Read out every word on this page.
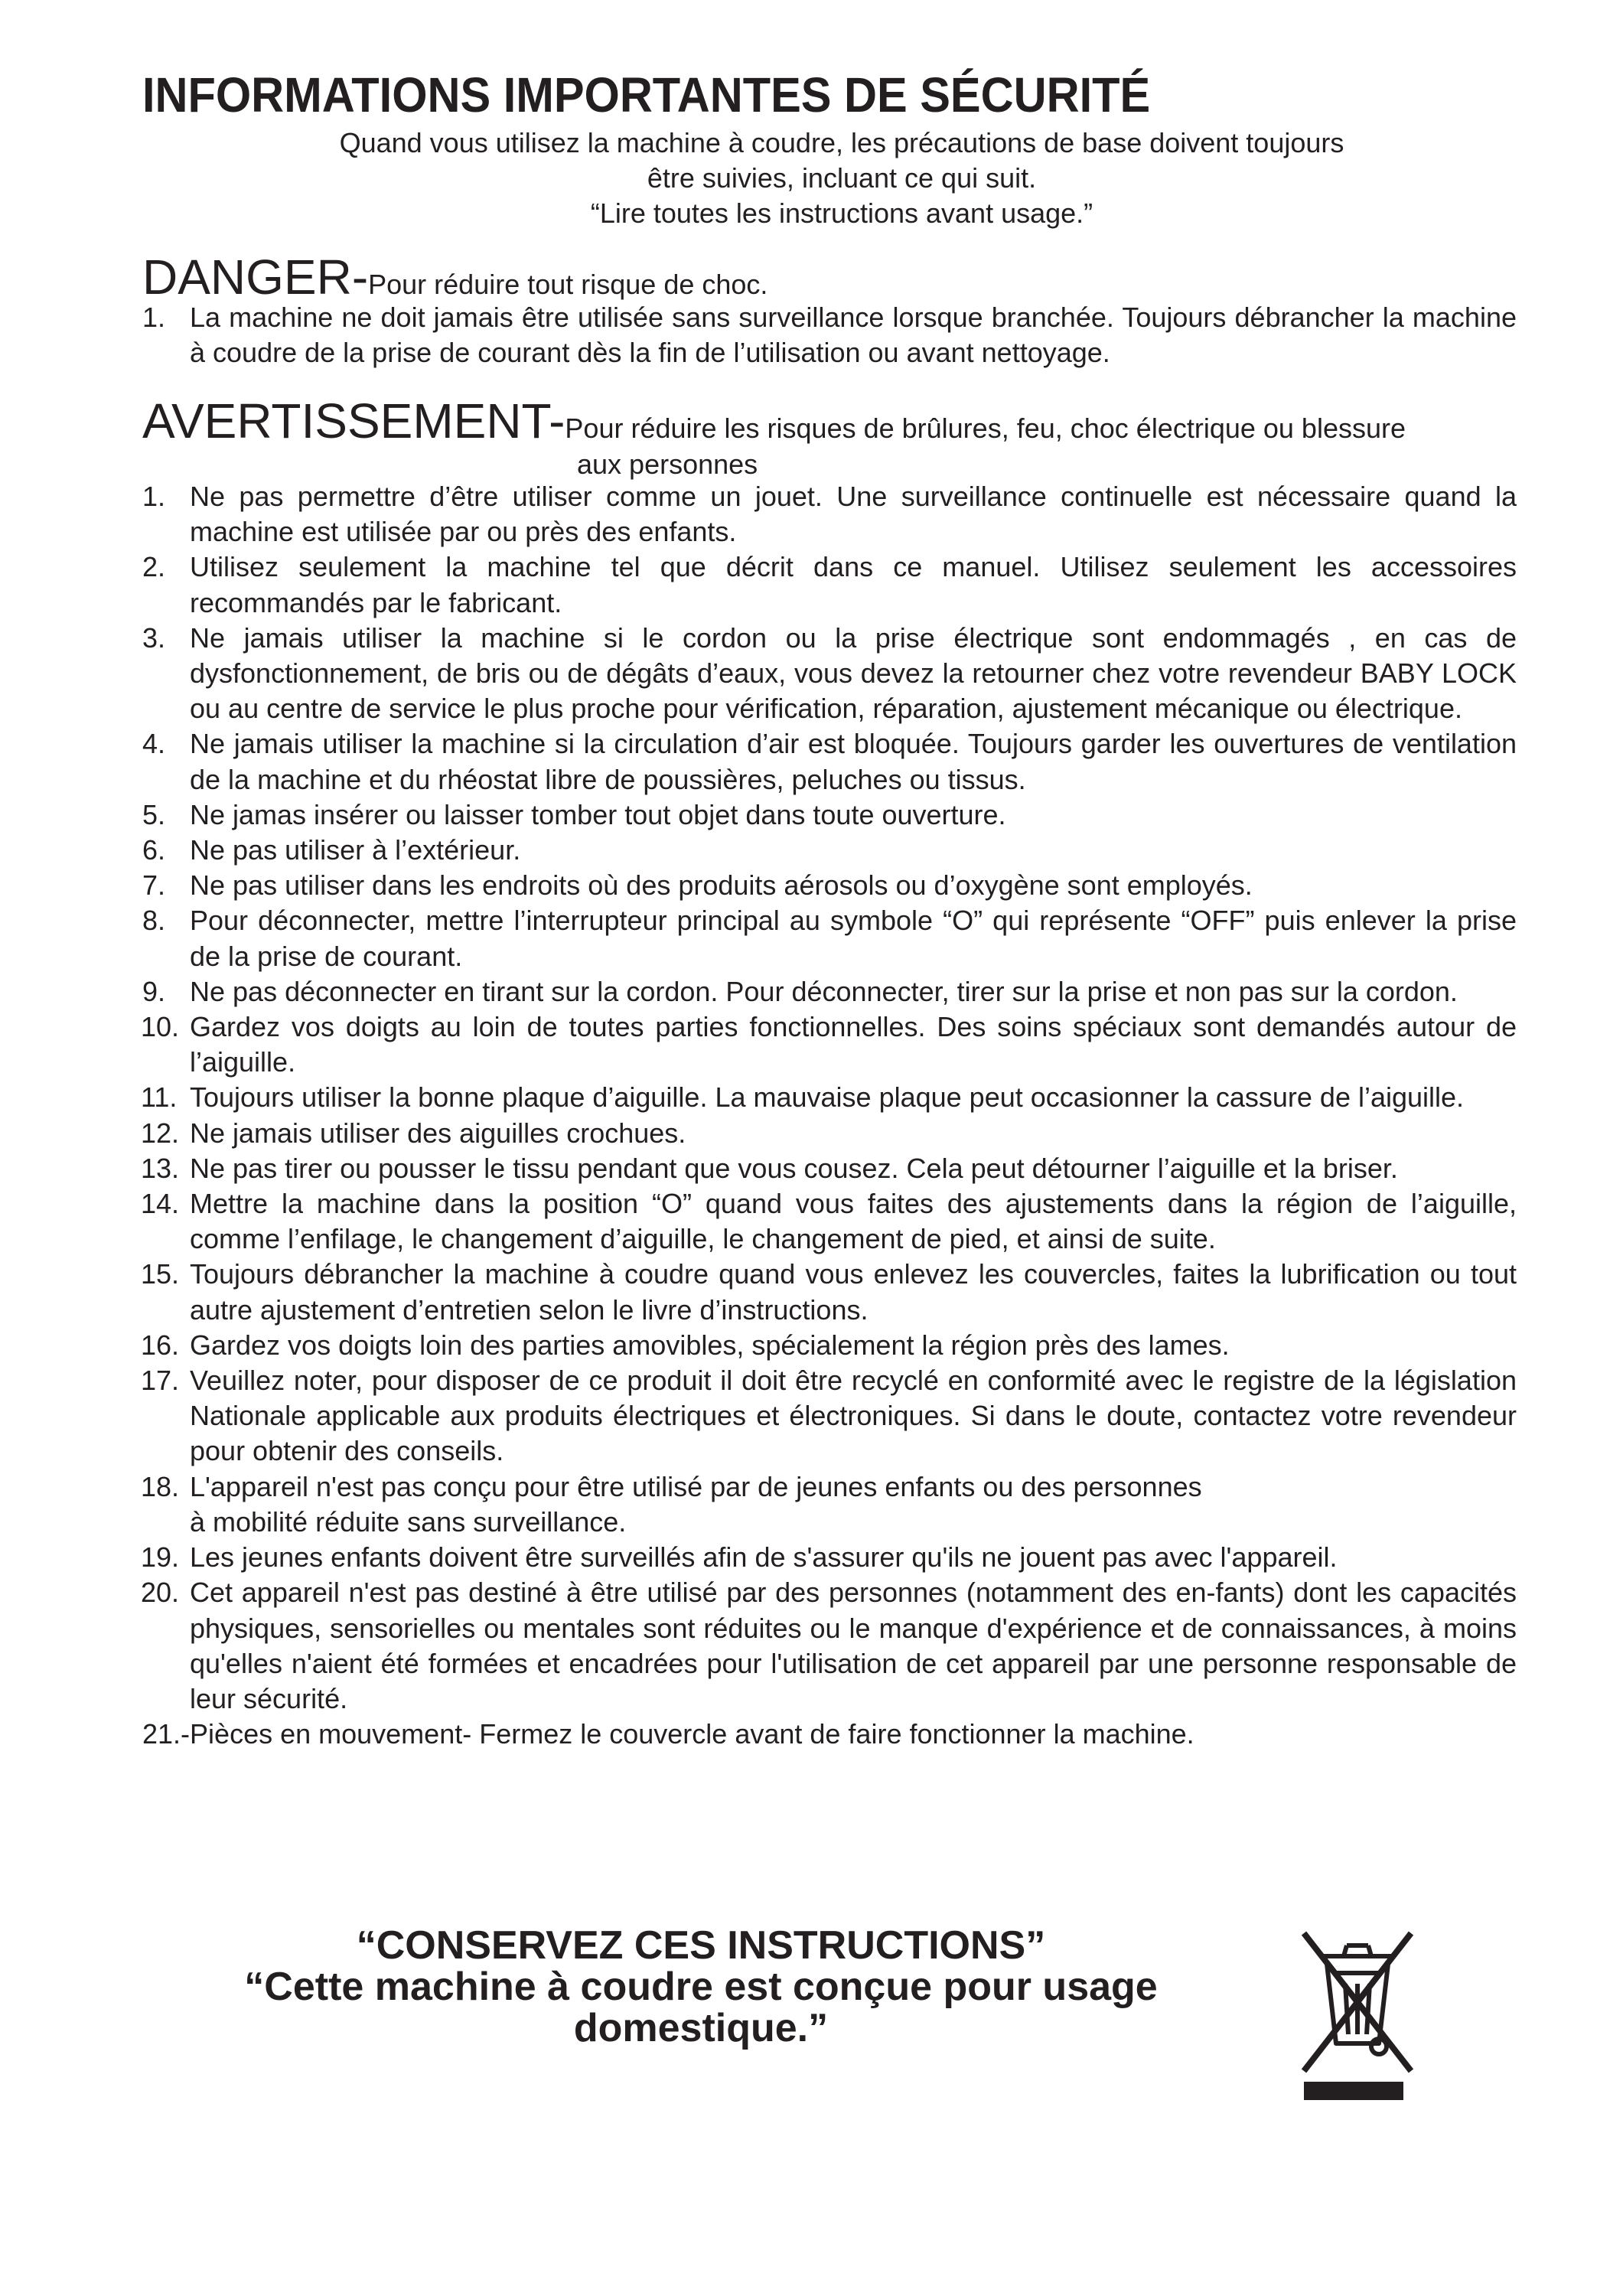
INFORMATIONS IMPORTANTES DE SÉCURITÉ
Quand vous utilisez la machine à coudre, les précautions de base doivent toujours
être suivies, incluant ce qui suit.
“Lire toutes les instructions avant usage.”
DANGER-Pour réduire tout risque de choc.
1. La machine ne doit jamais être utilisée sans surveillance lorsque branchée. Toujours débrancher la machine à coudre de la prise de courant dès la fin de l’utilisation ou avant nettoyage.
AVERTISSEMENT-Pour réduire les risques de brûlures, feu, choc électrique ou blessure
aux personnes
1. Ne pas permettre d’être utiliser comme un jouet. Une surveillance continuelle est nécessaire quand la machine est utilisée par ou près des enfants.
2. Utilisez seulement la machine tel que décrit dans ce manuel. Utilisez seulement les accessoires recommandés par le fabricant.
3. Ne jamais utiliser la machine si le cordon ou la prise électrique sont endommagés , en cas de dysfonctionnement, de bris ou de dégâts d’eaux, vous devez la retourner chez votre revendeur BABY LOCK ou au centre de service le plus proche pour vérification, réparation, ajustement mécanique ou électrique.
4. Ne jamais utiliser la machine si la circulation d’air est bloquée. Toujours garder les ouvertures de ventilation de la machine et du rhéostat libre de poussières, peluches ou tissus.
5. Ne jamas insérer ou laisser tomber tout objet dans toute ouverture.
6. Ne pas utiliser à l’extérieur.
7. Ne pas utiliser dans les endroits où des produits aérosols ou d’oxygène sont employés.
8. Pour déconnecter, mettre l’interrupteur principal au symbole “O” qui représente “OFF” puis enlever la prise de la prise de courant.
9. Ne pas déconnecter en tirant sur la cordon. Pour déconnecter, tirer sur la prise et non pas sur la cordon.
10. Gardez vos doigts au loin de toutes parties fonctionnelles. Des soins spéciaux sont demandés autour de l’aiguille.
11. Toujours utiliser la bonne plaque d’aiguille. La mauvaise plaque peut occasionner la cassure de l’aiguille.
12. Ne jamais utiliser des aiguilles crochues.
13. Ne pas tirer ou pousser le tissu pendant que vous cousez. Cela peut détourner l’aiguille et la briser.
14. Mettre la machine dans la position “O” quand vous faites des ajustements dans la région de l’aiguille, comme l’enfilage, le changement d’aiguille, le changement de pied, et ainsi de suite.
15. Toujours débrancher la machine à coudre quand vous enlevez les couvercles, faites la lubrification ou tout autre ajustement d’entretien selon le livre d’instructions.
16. Gardez vos doigts loin des parties amovibles, spécialement la région près des lames.
17. Veuillez noter, pour disposer de ce produit il doit être recyclé en conformité avec le registre de la législation Nationale applicable aux produits électriques et électroniques. Si dans le doute, contactez votre revendeur pour obtenir des conseils.
18. L'appareil n'est pas conçu pour être utilisé par de jeunes enfants ou des personnes
à mobilité réduite sans surveillance.
19. Les jeunes enfants doivent être surveillés afin de s'assurer qu'ils ne jouent pas avec l'appareil.
20. Cet appareil n'est pas destiné à être utilisé par des personnes (notamment des en-fants) dont les capacités physiques, sensorielles ou mentales sont réduites ou le manque d'expérience et de connaissances, à moins qu'elles n'aient été formées et encadrées pour l'utilisation de cet appareil par une personne responsable de leur sécurité.
21.-Pièces en mouvement- Fermez le couvercle avant de faire fonctionner la machine.
“CONSERVEZ CES INSTRUCTIONS”
“Cette machine à coudre est conçue pour usage
domestique.”
